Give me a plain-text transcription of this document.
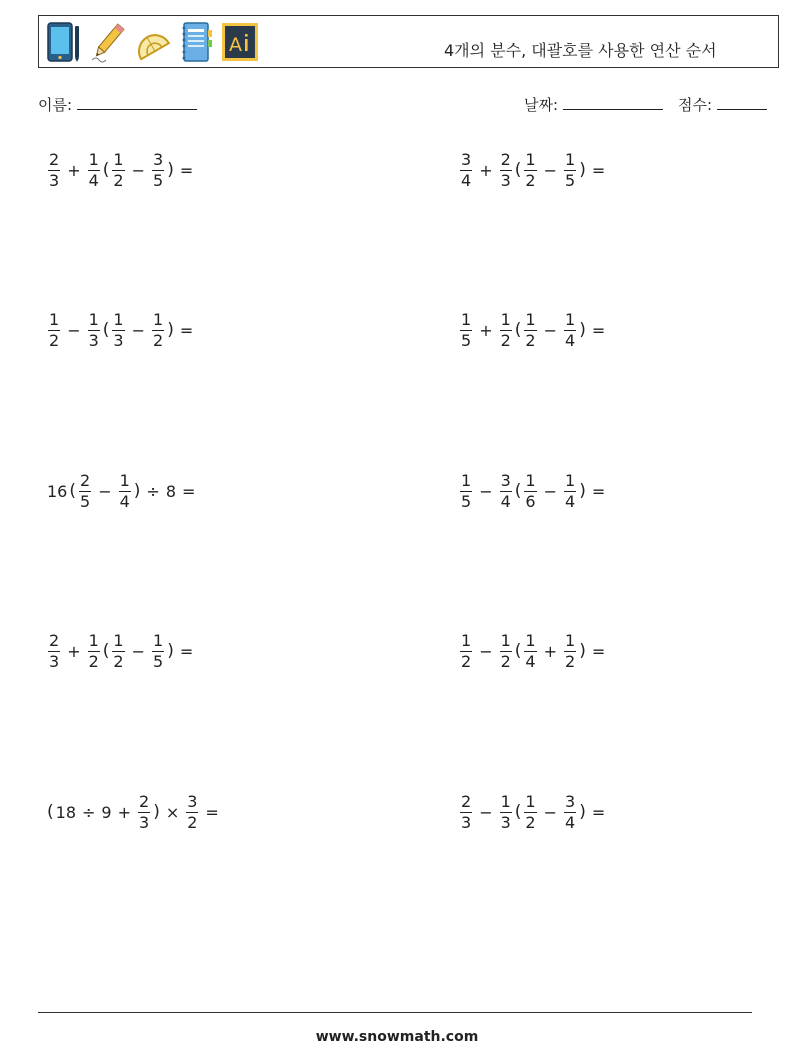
A	4개의 분수, 대괄호를 사용한 연산 순서
이름:	날짜:	점수:
$\frac{2}{3} + \frac{1}{4}$ ( $\frac{1}{2} - \frac{3}{5}$ ) =	$\frac{3}{4} + \frac{2}{3}$ ( $\frac{1}{2} - \frac{1}{5}$ ) =
$\frac{1}{2} - \frac{1}{3}$ ( $\frac{1}{3} - \frac{1}{2}$ ) =	$\frac{1}{5} + \frac{1}{2}$ ( $\frac{1}{2} - \frac{1}{4}$ ) =
16 ( $\frac{2}{5} - \frac{1}{4}$ ) ÷ 8 =	$\frac{1}{5} - \frac{3}{4}$ ( $\frac{1}{6} - \frac{1}{4}$ ) =
$\frac{2}{3} + \frac{1}{2}$ ( $\frac{1}{2} - \frac{1}{5}$ ) =	$\frac{1}{2} - \frac{1}{2}$ ( $\frac{1}{4} + \frac{1}{2}$ ) =
( $18 \div 9 + \frac{2}{3}$ ) × $\frac{3}{2}$ =	$\frac{2}{3} - \frac{1}{3}$ ( $\frac{1}{2} - \frac{3}{4}$ ) =
www.snowmath.com
